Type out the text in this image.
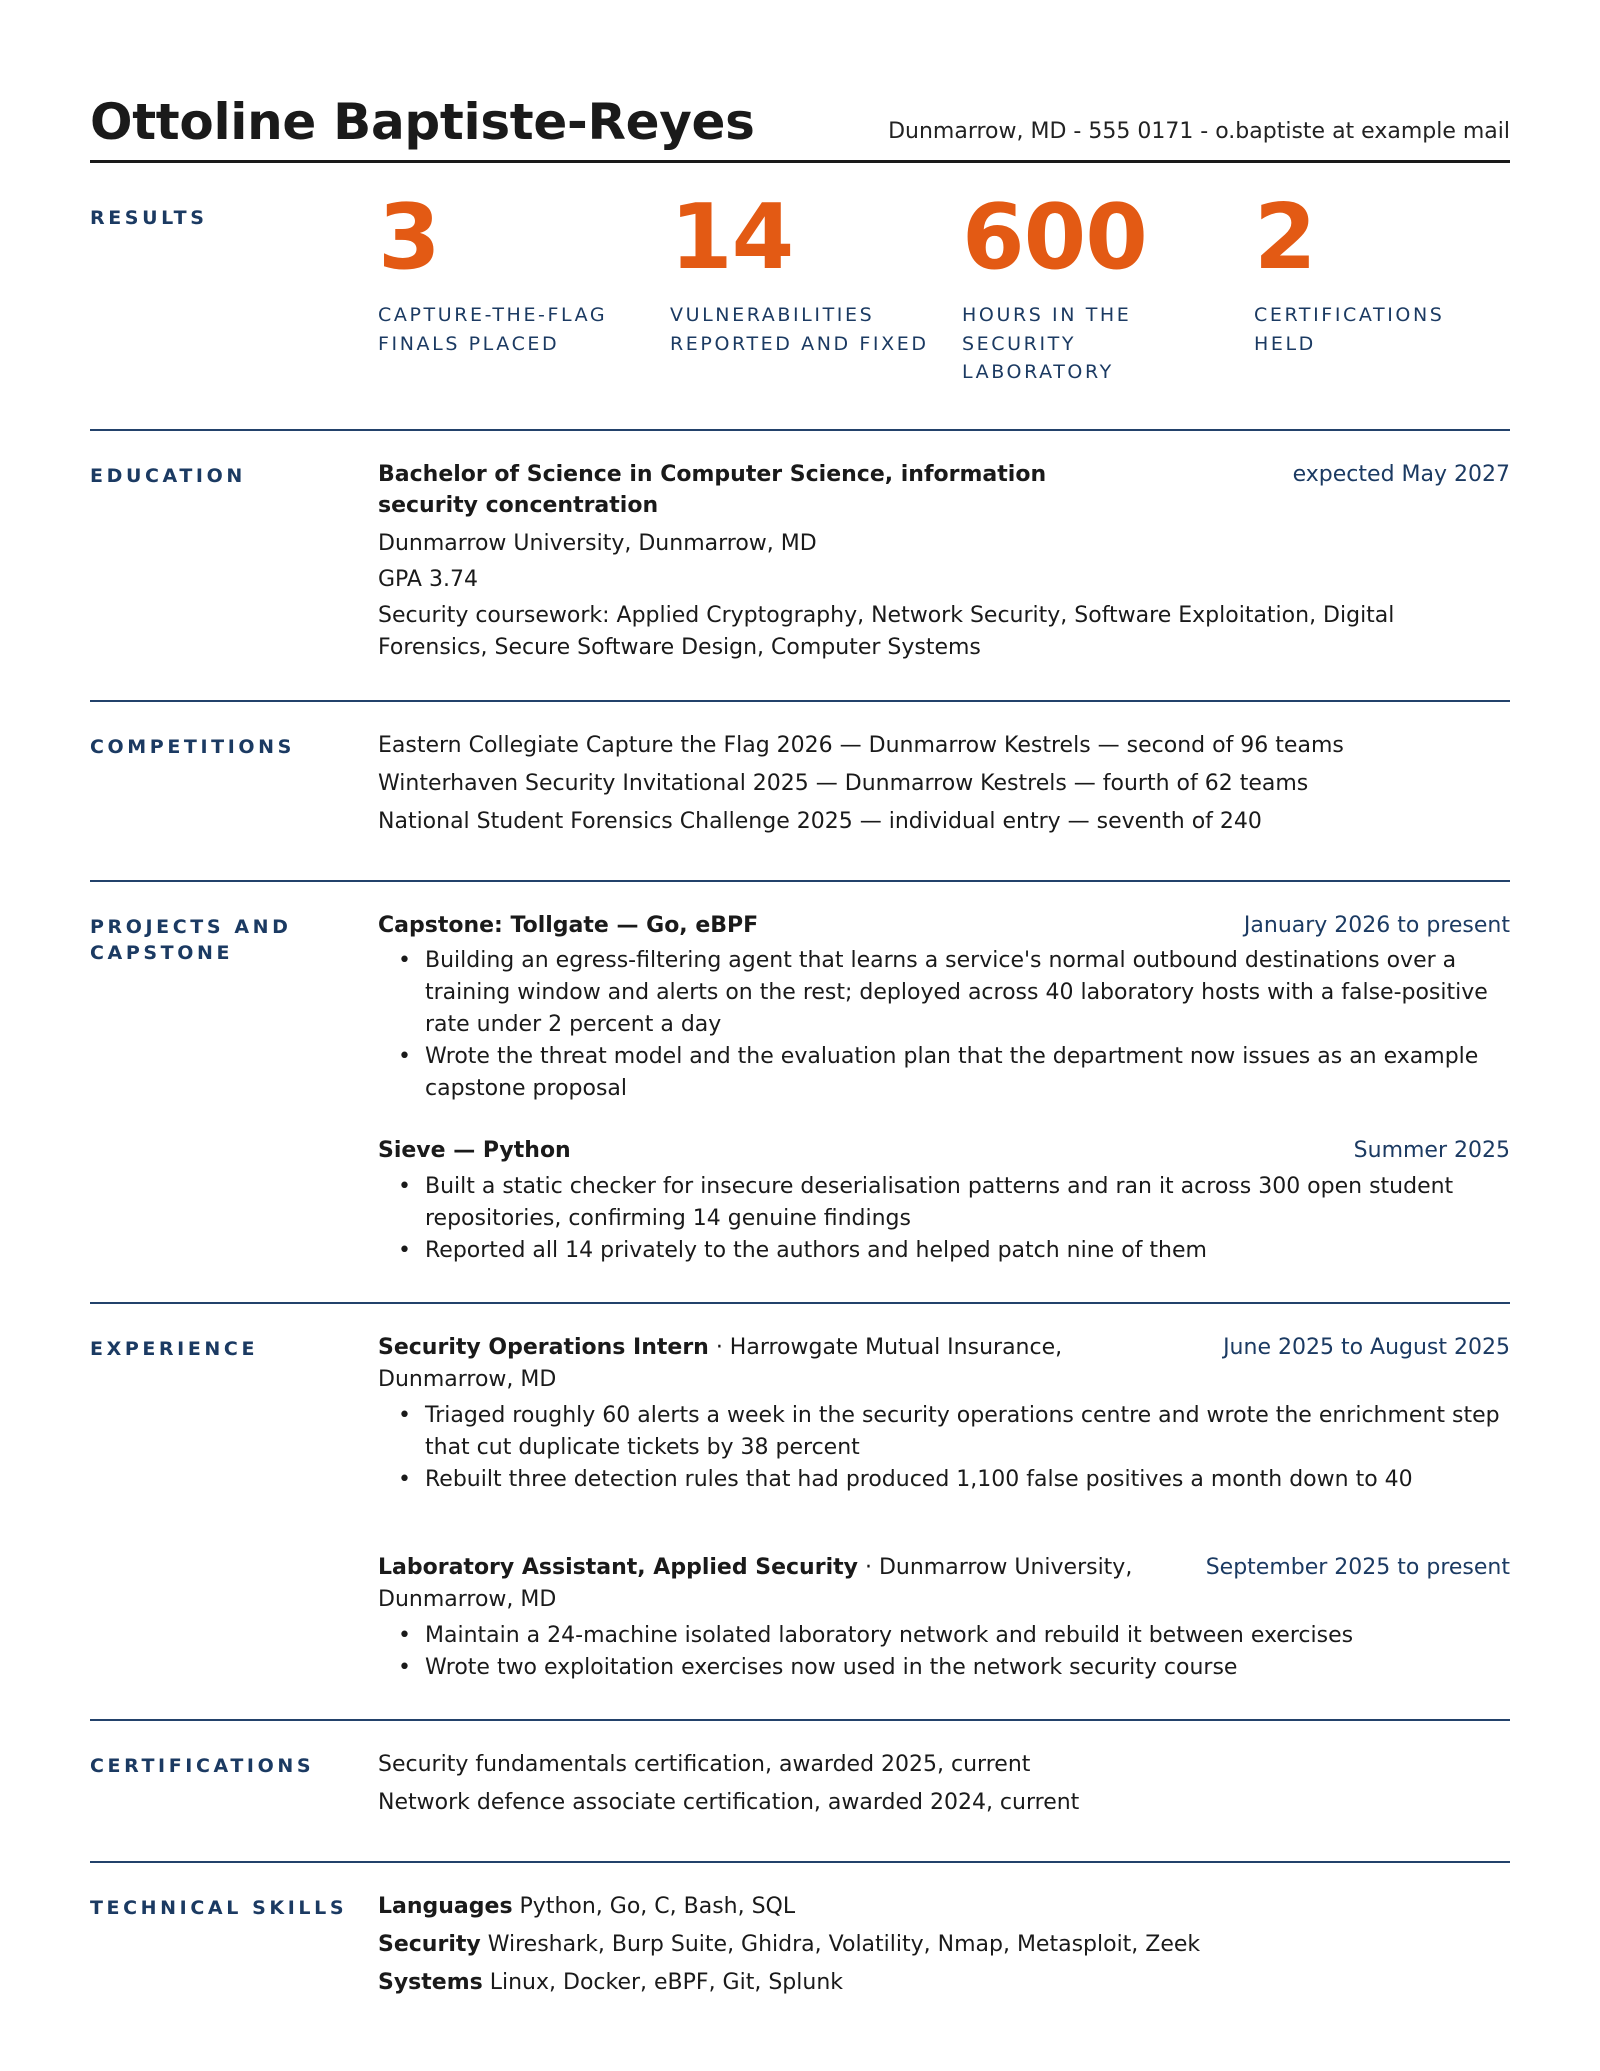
Ottoline Baptiste-Reyes	Dunmarrow, MD - 555 0171 - o.baptiste at example mail
RESULTS	3
CAPTURE-THE-FLAG FINALS PLACED
14
VULNERABILITIES REPORTED AND FIXED
600
HOURS IN THE SECURITY LABORATORY
2
CERTIFICATIONS HELD
EDUCATION	Bachelor of Science in Computer Science, information security concentration
expected May 2027
Dunmarrow University, Dunmarrow, MD
GPA 3.74
Security coursework: Applied Cryptography, Network Security, Software Exploitation, Digital Forensics, Secure Software Design, Computer Systems
COMPETITIONS	Eastern Collegiate Capture the Flag 2026 — Dunmarrow Kestrels — second of 96 teams
Winterhaven Security Invitational 2025 — Dunmarrow Kestrels — fourth of 62 teams
National Student Forensics Challenge 2025 — individual entry — seventh of 240
PROJECTS AND CAPSTONE
Capstone: Tollgate — Go, eBPF	January 2026 to present
• Building an egress-filtering agent that learns a service's normal outbound destinations over a training window and alerts on the rest; deployed across 40 laboratory hosts with a false-positive rate under 2 percent a day
• Wrote the threat model and the evaluation plan that the department now issues as an example capstone proposal
Sieve — Python	Summer 2025
• Built a static checker for insecure deserialisation patterns and ran it across 300 open student repositories, confirming 14 genuine findings
• Reported all 14 privately to the authors and helped patch nine of them
EXPERIENCE	Security Operations Intern · Harrowgate Mutual Insurance, Dunmarrow, MD
June 2025 to August 2025
• Triaged roughly 60 alerts a week in the security operations centre and wrote the enrichment step that cut duplicate tickets by 38 percent
• Rebuilt three detection rules that had produced 1,100 false positives a month down to 40
Laboratory Assistant, Applied Security · Dunmarrow University, Dunmarrow, MD
September 2025 to present
• Maintain a 24-machine isolated laboratory network and rebuild it between exercises
• Wrote two exploitation exercises now used in the network security course
CERTIFICATIONS	Security fundamentals certification, awarded 2025, current
Network defence associate certification, awarded 2024, current
TECHNICAL SKILLS	Languages Python, Go, C, Bash, SQL
Security Wireshark, Burp Suite, Ghidra, Volatility, Nmap, Metasploit, Zeek
Systems Linux, Docker, eBPF, Git, Splunk
